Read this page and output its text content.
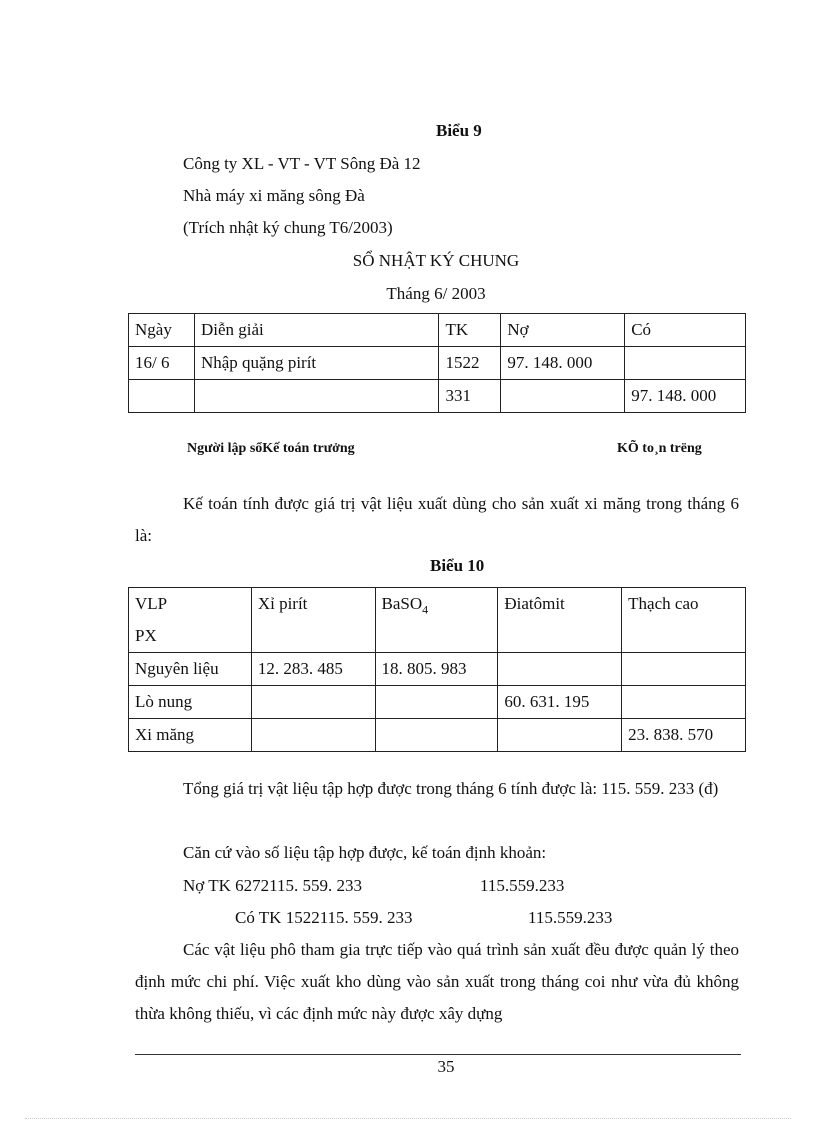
Biểu 9
Công ty XL - VT - VT Sông Đà 12
Nhà máy xi măng sông Đà
(Trích nhật ký chung T6/2003)
SỔ NHẬT KÝ CHUNG
Tháng 6/ 2003
Ngày	Diễn giải	TK	Nợ	Có
16/ 6	Nhập quặng pirít	1522	97. 148. 000	
		331		97. 148. 000
Người lập sổKế toán trưởng	KÕ to¸n trëng
Kế toán tính được giá trị vật liệu xuất dùng cho sản xuất xi măng trong tháng 6 là:
Biểu 10
VLP
PX	Xỉ pirít	BaSO$_4$	Điatômit	Thạch cao
Nguyên liệu	12. 283. 485	18. 805. 983		
Lò nung			60. 631. 195	
Xi măng				23. 838. 570
Tổng giá trị vật liệu tập hợp được trong tháng 6 tính được là: 115. 559. 233 (đ)
Căn cứ vào số liệu tập hợp được, kế toán định khoản:
Nợ TK 6272115. 559. 233	115.559.233
Có TK 1522115. 559. 233	115.559.233
Các vật liệu phô tham gia trực tiếp vào quá trình sản xuất đều được quản lý theo định mức chi phí. Việc xuất kho dùng vào sản xuất trong tháng coi như vừa đủ không thừa không thiếu, vì các định mức này được xây dựng
35
